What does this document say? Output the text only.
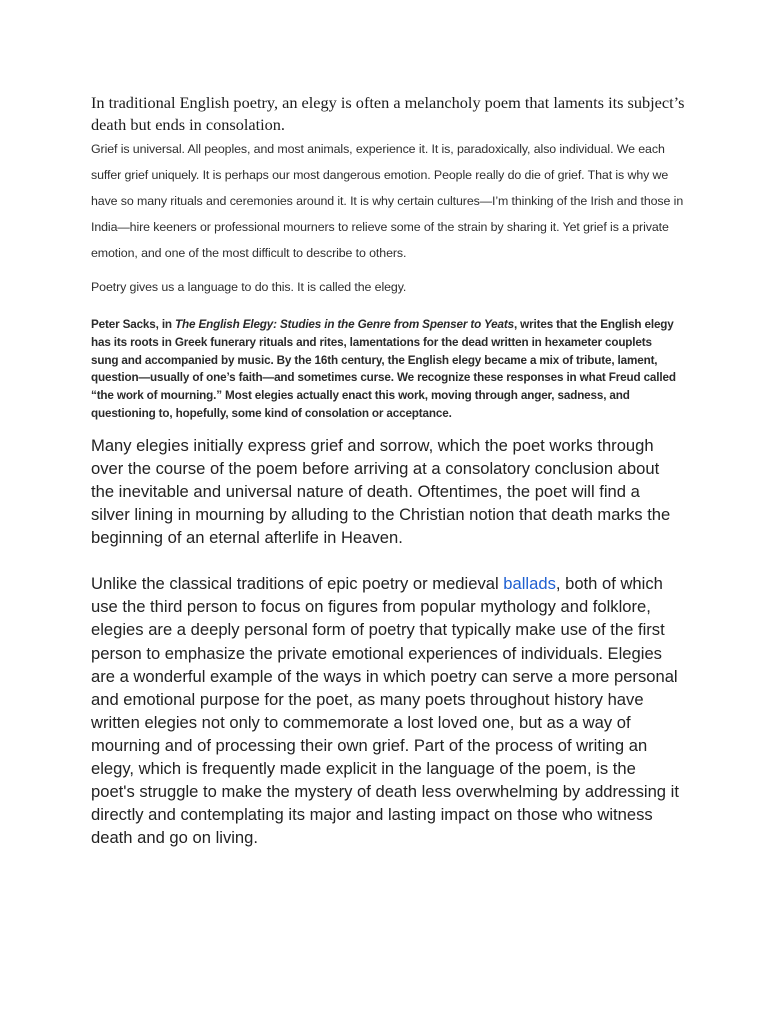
In traditional English poetry, an elegy is often a melancholy poem that laments its subject’s death but ends in consolation.

Grief is universal. All peoples, and most animals, experience it. It is, paradoxically, also individual. We each suffer grief uniquely. It is perhaps our most dangerous emotion. People really do die of grief. That is why we have so many rituals and ceremonies around it. It is why certain cultures—I’m thinking of the Irish and those in India—hire keeners or professional mourners to relieve some of the strain by sharing it. Yet grief is a private emotion, and one of the most difficult to describe to others.

Poetry gives us a language to do this. It is called the elegy.

Peter Sacks, in The English Elegy: Studies in the Genre from Spenser to Yeats, writes that the English elegy has its roots in Greek funerary rituals and rites, lamentations for the dead written in hexameter couplets sung and accompanied by music. By the 16th century, the English elegy became a mix of tribute, lament, question—usually of one’s faith—and sometimes curse. We recognize these responses in what Freud called “the work of mourning.” Most elegies actually enact this work, moving through anger, sadness, and questioning to, hopefully, some kind of consolation or acceptance.

Many elegies initially express grief and sorrow, which the poet works through over the course of the poem before arriving at a consolatory conclusion about the inevitable and universal nature of death. Oftentimes, the poet will find a silver lining in mourning by alluding to the Christian notion that death marks the beginning of an eternal afterlife in Heaven.

Unlike the classical traditions of epic poetry or medieval ballads, both of which use the third person to focus on figures from popular mythology and folklore, elegies are a deeply personal form of poetry that typically make use of the first person to emphasize the private emotional experiences of individuals. Elegies are a wonderful example of the ways in which poetry can serve a more personal and emotional purpose for the poet, as many poets throughout history have written elegies not only to commemorate a lost loved one, but as a way of mourning and of processing their own grief. Part of the process of writing an elegy, which is frequently made explicit in the language of the poem, is the poet's struggle to make the mystery of death less overwhelming by addressing it directly and contemplating its major and lasting impact on those who witness death and go on living.
